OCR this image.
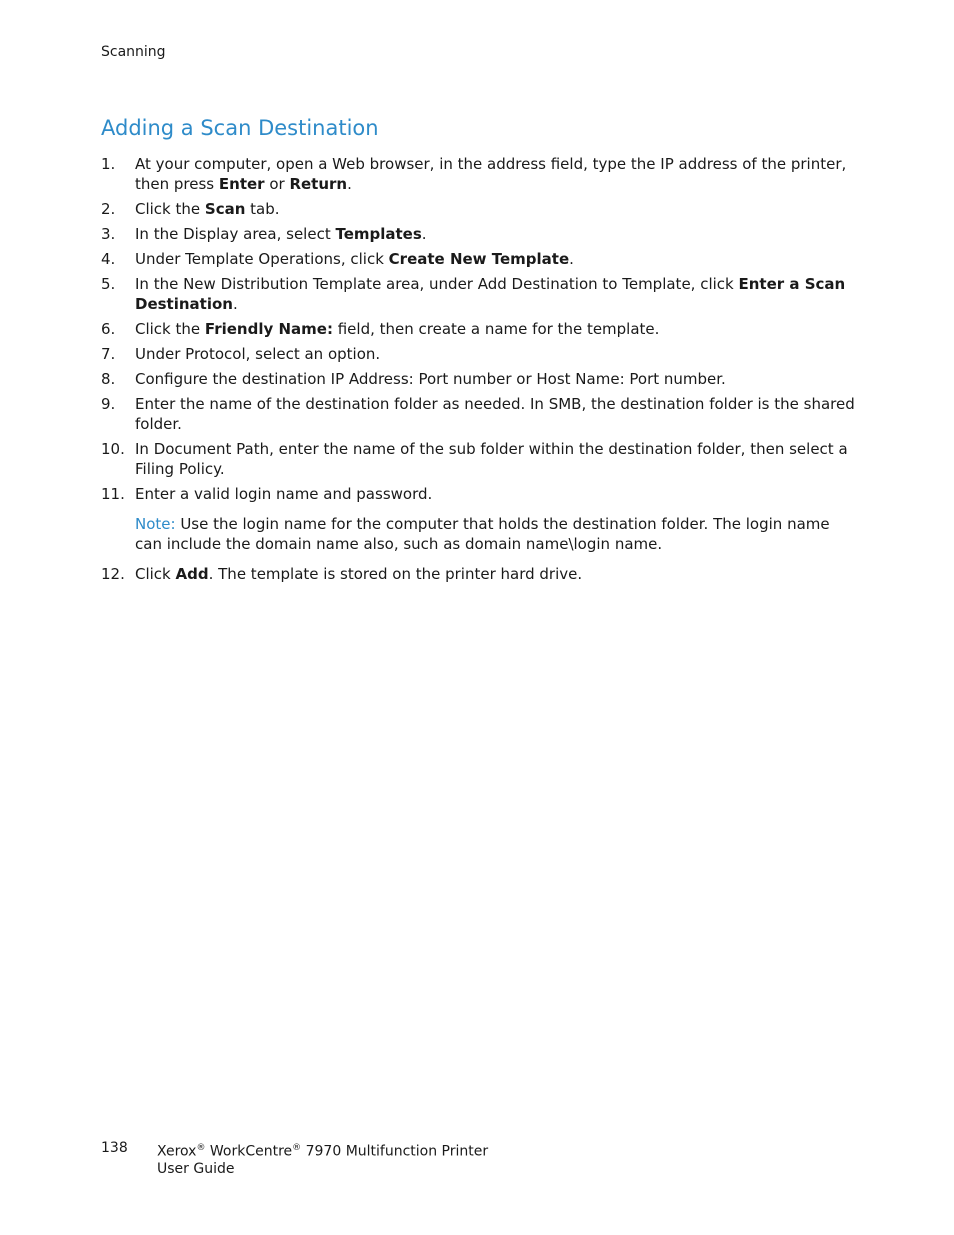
Scanning
Adding a Scan Destination
1. At your computer, open a Web browser, in the address field, type the IP address of the printer, then press Enter or Return.
2. Click the Scan tab.
3. In the Display area, select Templates.
4. Under Template Operations, click Create New Template.
5. In the New Distribution Template area, under Add Destination to Template, click Enter a Scan Destination.
6. Click the Friendly Name: field, then create a name for the template.
7. Under Protocol, select an option.
8. Configure the destination IP Address: Port number or Host Name: Port number.
9. Enter the name of the destination folder as needed. In SMB, the destination folder is the shared folder.
10. In Document Path, enter the name of the sub folder within the destination folder, then select a Filing Policy.
11. Enter a valid login name and password.
Note: Use the login name for the computer that holds the destination folder. The login name can include the domain name also, such as domain name\login name.
12. Click Add. The template is stored on the printer hard drive.
138 Xerox® WorkCentre® 7970 Multifunction Printer
User Guide
